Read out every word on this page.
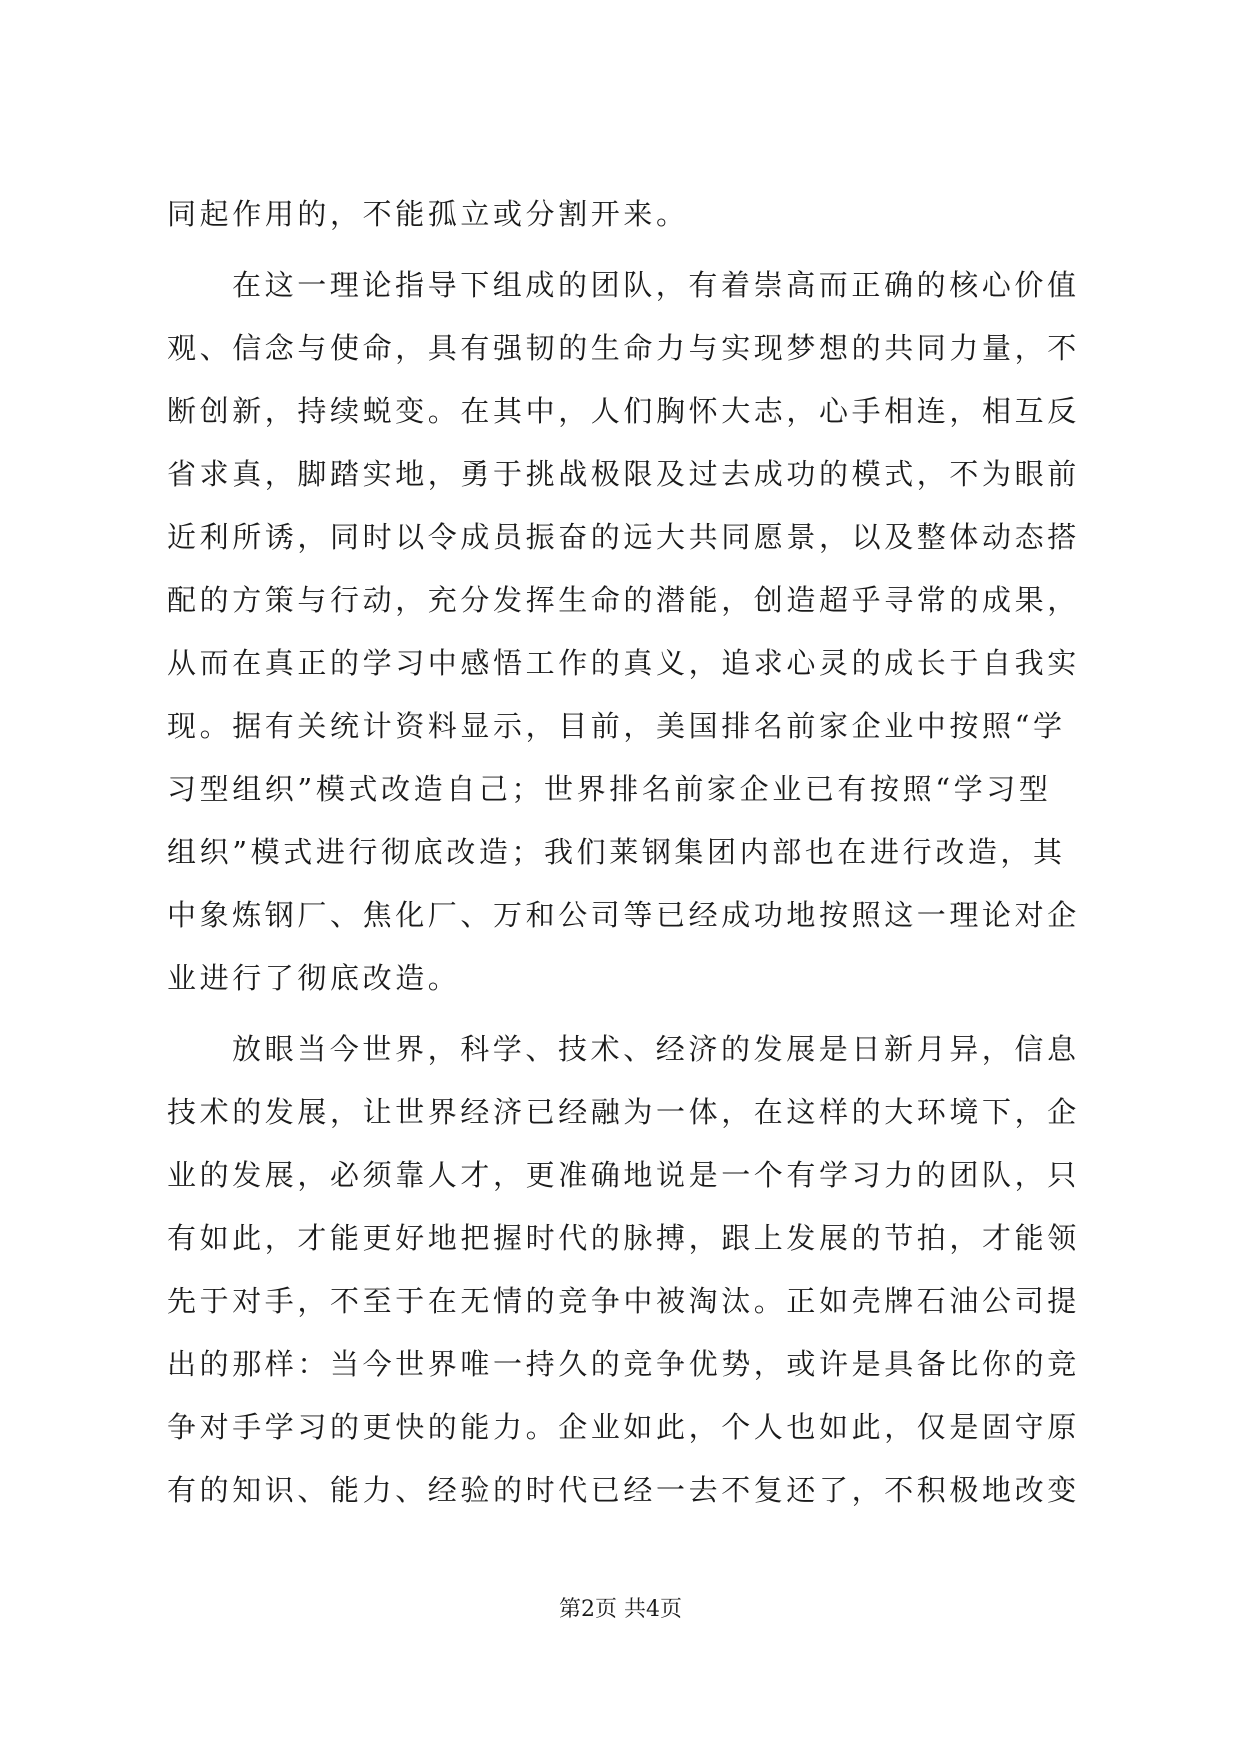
同起作用的，不能孤立或分割开来。
在这一理论指导下组成的团队，有着崇高而正确的核心价值
观、信念与使命，具有强韧的生命力与实现梦想的共同力量，不
断创新，持续蜕变。在其中，人们胸怀大志，心手相连，相互反
省求真，脚踏实地，勇于挑战极限及过去成功的模式，不为眼前
近利所诱，同时以令成员振奋的远大共同愿景，以及整体动态搭
配的方策与行动，充分发挥生命的潜能，创造超乎寻常的成果，
从而在真正的学习中感悟工作的真义，追求心灵的成长于自我实
现。据有关统计资料显示，目前，美国排名前家企业中按照“学
习型组织”模式改造自己；世界排名前家企业已有按照“学习型
组织”模式进行彻底改造；我们莱钢集团内部也在进行改造，其
中象炼钢厂、焦化厂、万和公司等已经成功地按照这一理论对企
业进行了彻底改造。
放眼当今世界，科学、技术、经济的发展是日新月异，信息
技术的发展，让世界经济已经融为一体，在这样的大环境下，企
业的发展，必须靠人才，更准确地说是一个有学习力的团队，只
有如此，才能更好地把握时代的脉搏，跟上发展的节拍，才能领
先于对手，不至于在无情的竞争中被淘汰。正如壳牌石油公司提
出的那样：当今世界唯一持久的竞争优势，或许是具备比你的竞
争对手学习的更快的能力。企业如此，个人也如此，仅是固守原
有的知识、能力、经验的时代已经一去不复还了，不积极地改变
第2页 共4页
